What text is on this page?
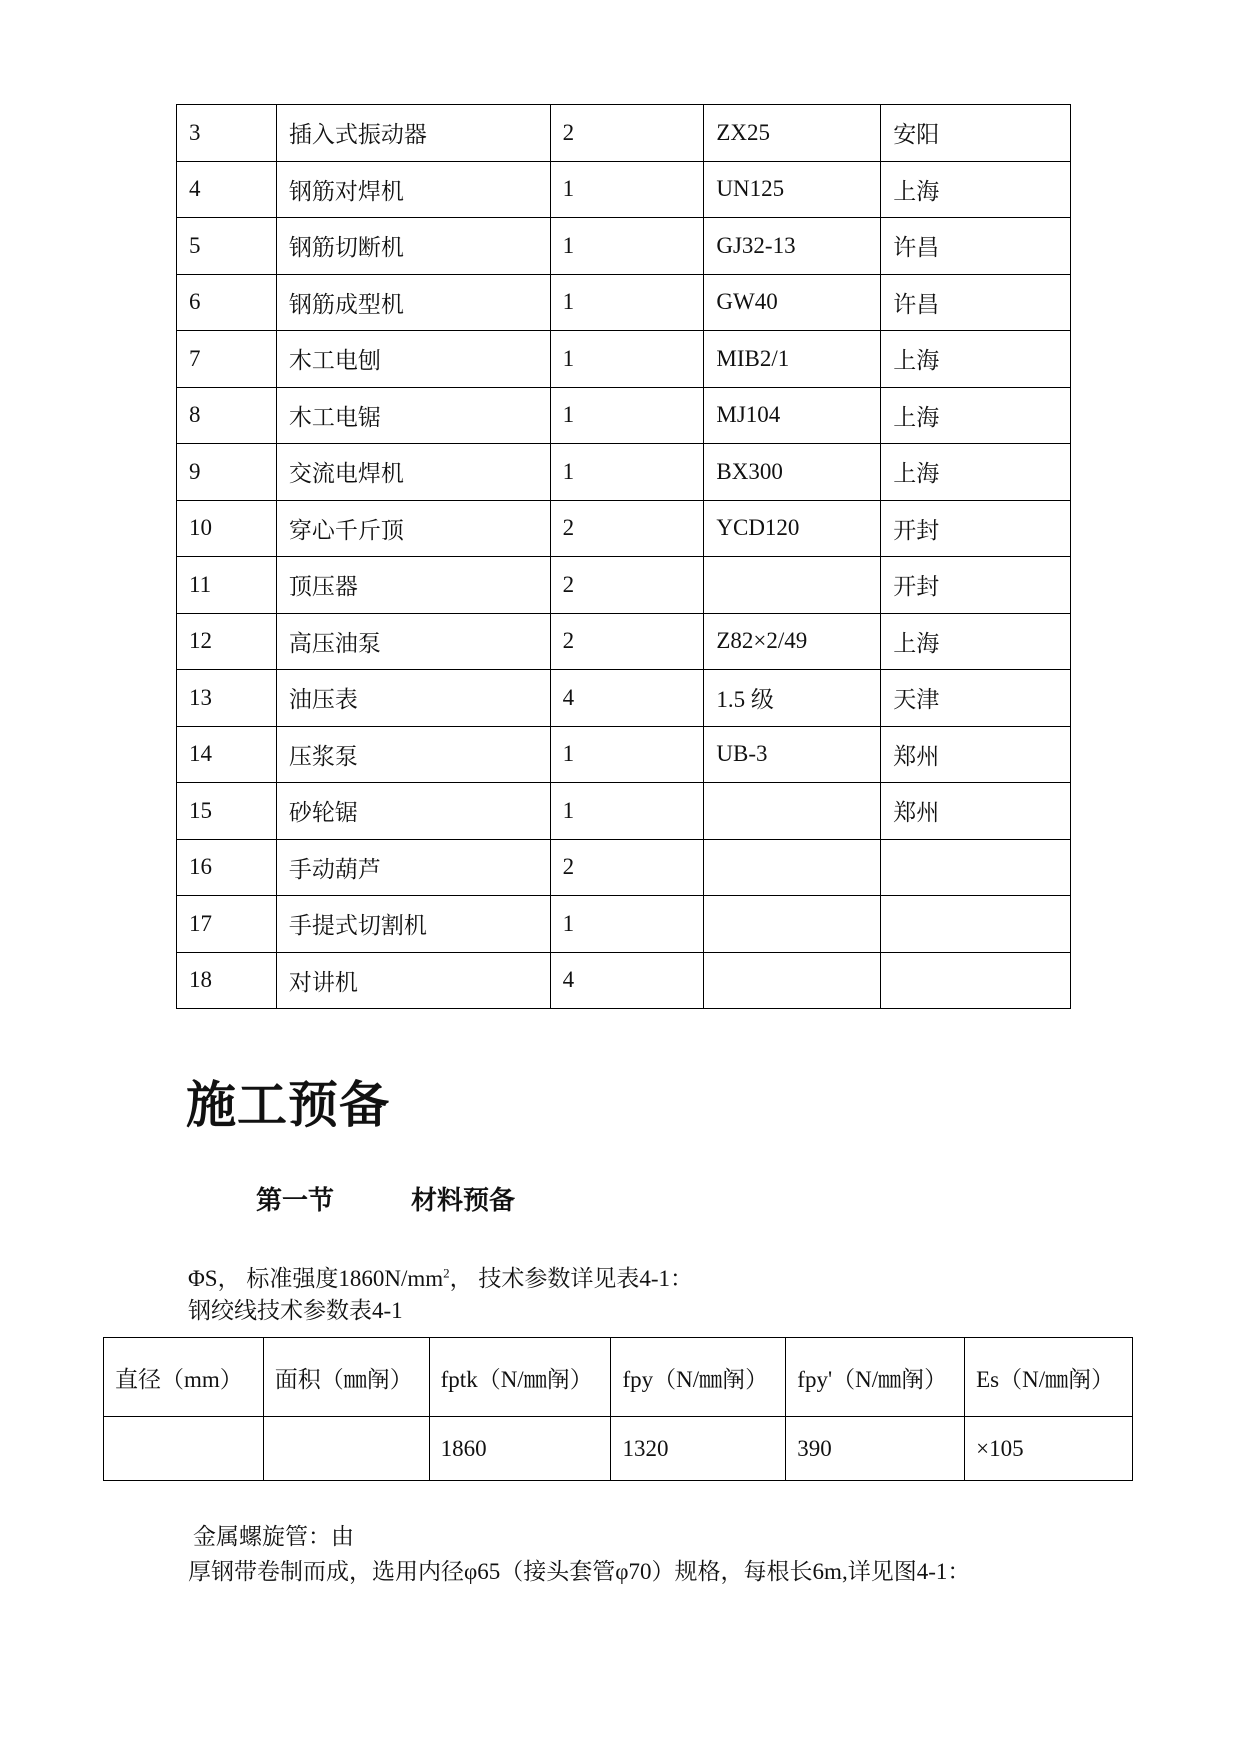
3	插入式振动器	2	ZX25	安阳
4	钢筋对焊机	1	UN125	上海
5	钢筋切断机	1	GJ32-13	许昌
6	钢筋成型机	1	GW40	许昌
7	木工电刨	1	MIB2/1	上海
8	木工电锯	1	MJ104	上海
9	交流电焊机	1	BX300	上海
10	穿心千斤顶	2	YCD120	开封
11	顶压器	2		开封
12	高压油泵	2	Z82×2/49	上海
13	油压表	4	1.5 级	天津
14	压浆泵	1	UB-3	郑州
15	砂轮锯	1		郑州
16	手动葫芦	2		
17	手提式切割机	1		
18	对讲机	4		
施工预备
第一节	材料预备
ΦS， 标准强度$1860N/mm^2$， 技术参数详见表4-1：
钢绞线技术参数表4-1
直径（mm）	面积（㎜䦶）	fptk（N/㎜䦶）	fpy（N/㎜䦶）	fpy'（N/㎜䦶）	Es（N/㎜䦶）
		1860	1320	390	×105
金属螺旋管：由
厚钢带卷制而成，选用内径φ65（接头套管φ70）规格，每根长6m,详见图4-1：
